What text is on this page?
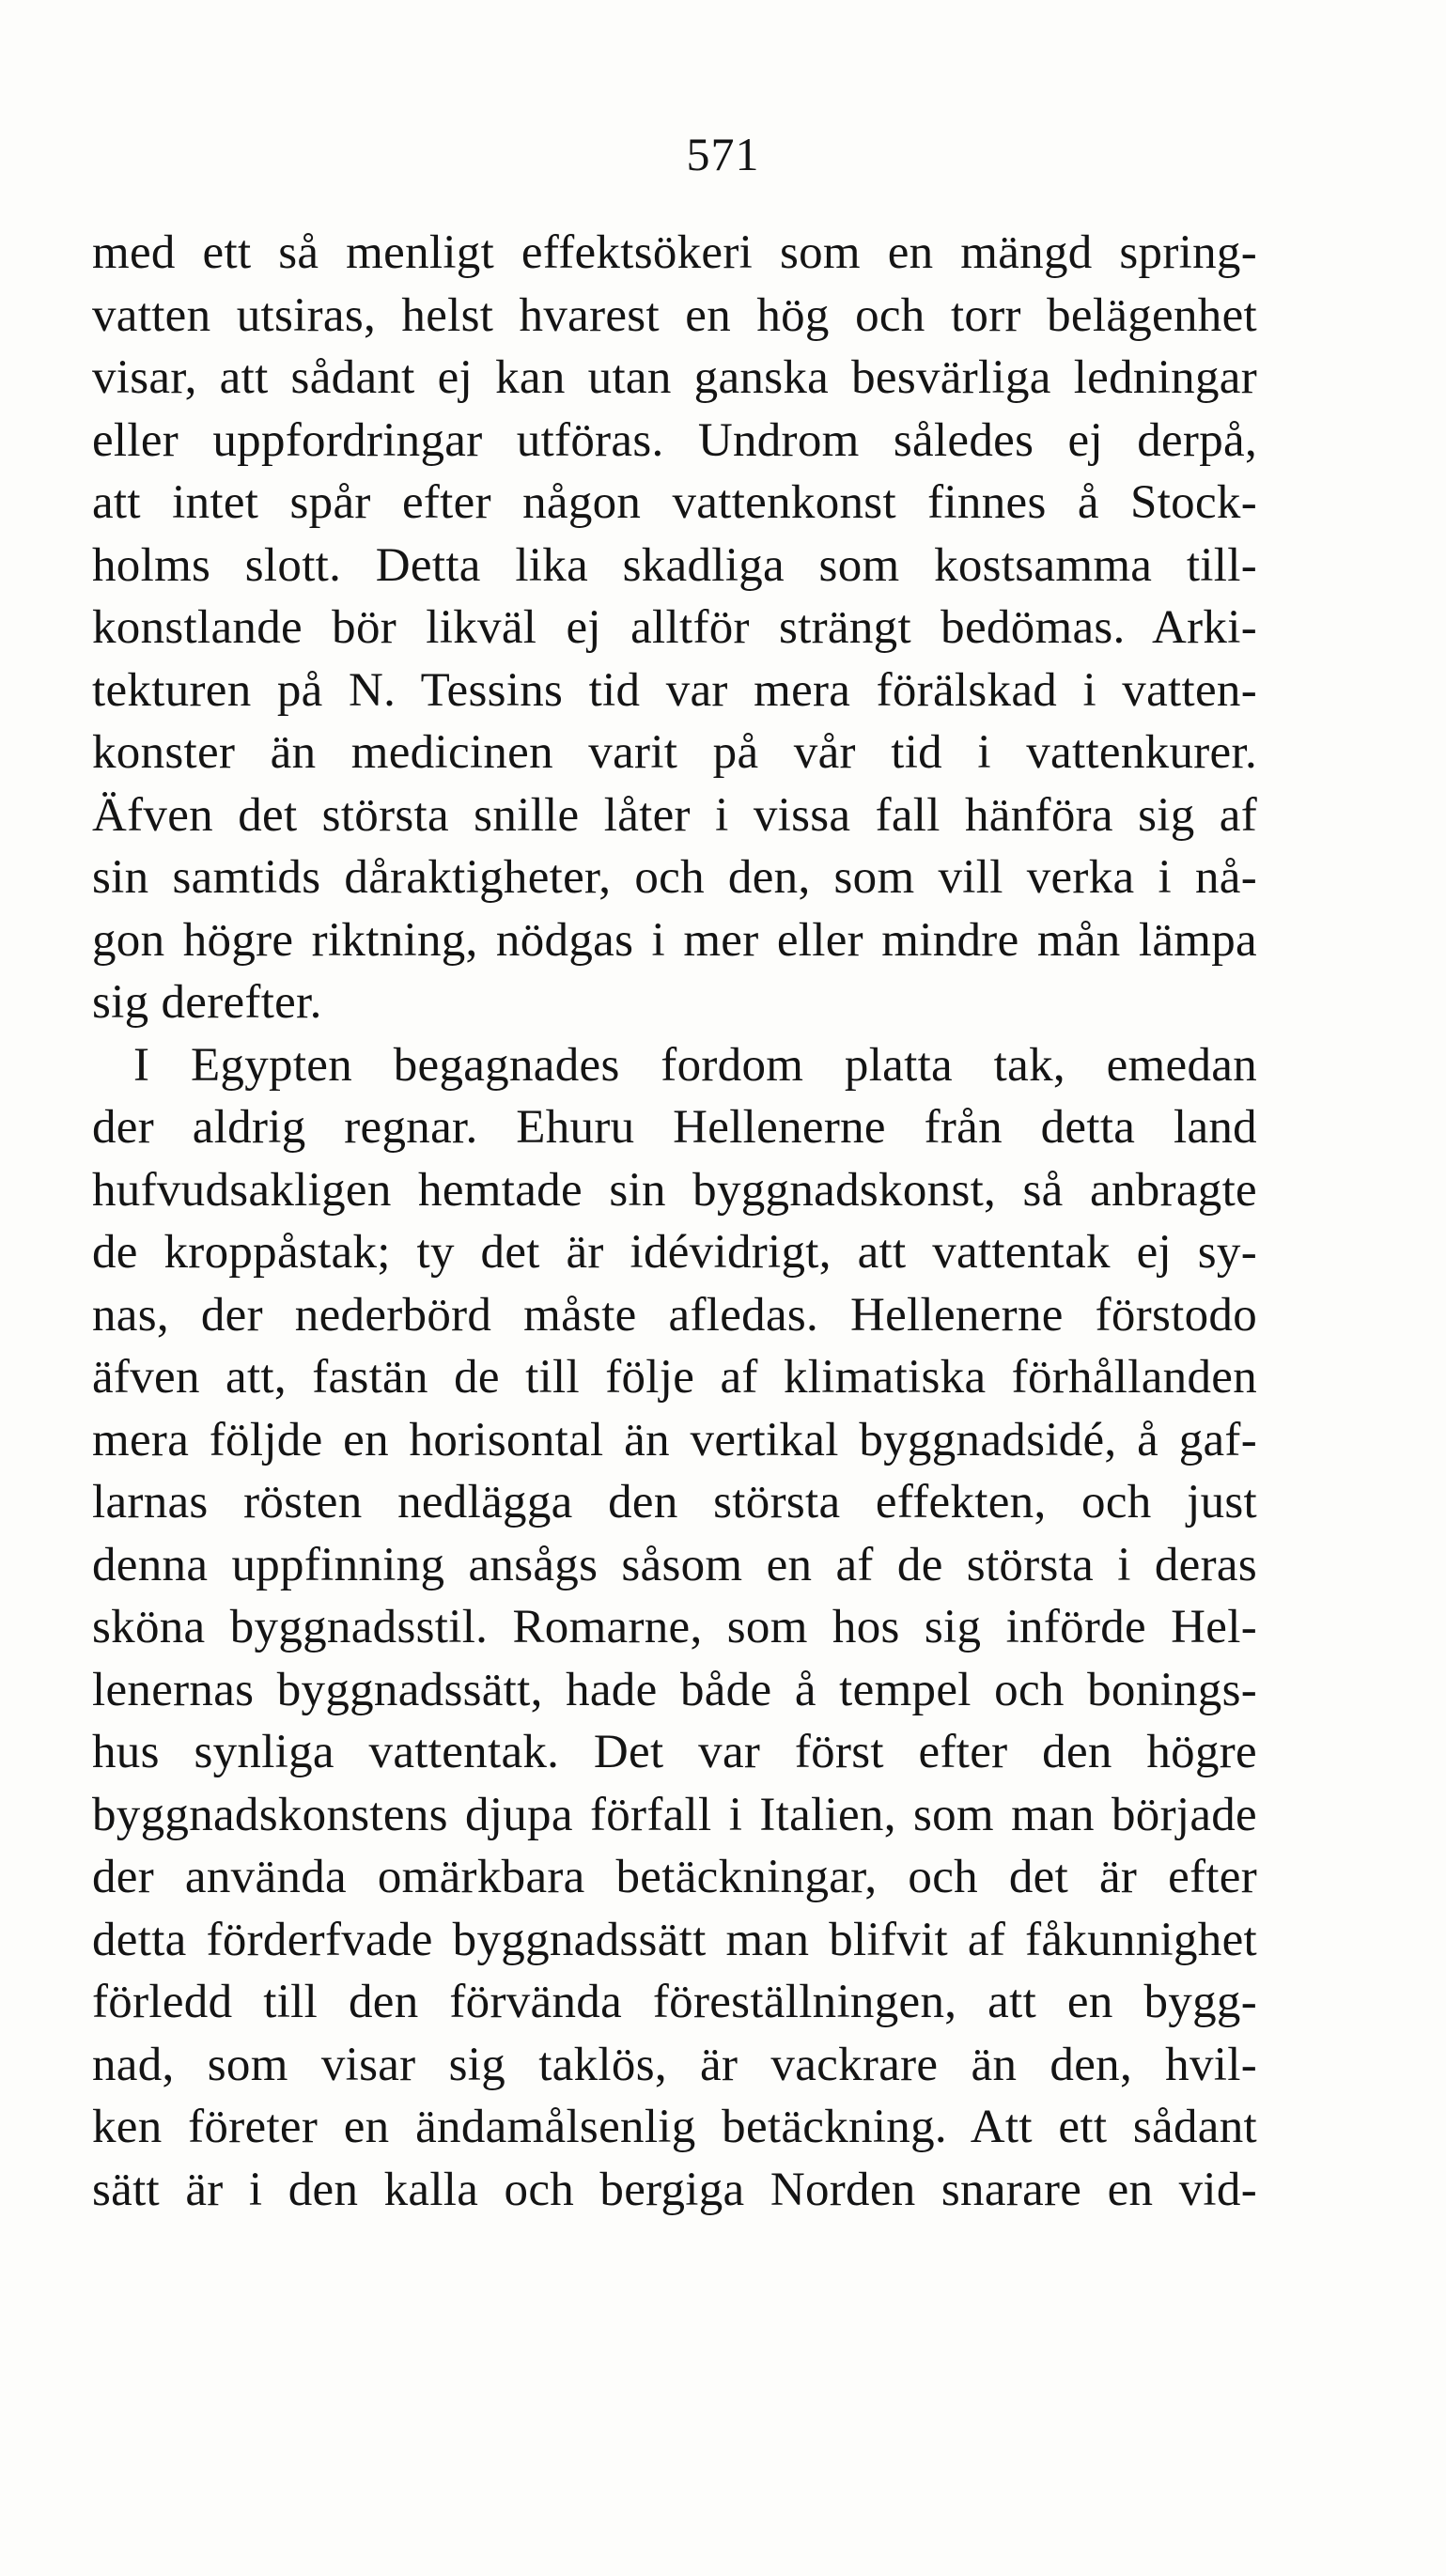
571
med ett så menligt effektsökeri som en mängd spring-
vatten utsiras, helst hvarest en hög och torr belägenhet
visar, att sådant ej kan utan ganska besvärliga ledningar
eller uppfordringar utföras. Undrom således ej derpå,
att intet spår efter någon vattenkonst finnes å Stock-
holms slott. Detta lika skadliga som kostsamma till-
konstlande bör likväl ej alltför strängt bedömas. Arki-
tekturen på N. Tessins tid var mera förälskad i vatten-
konster än medicinen varit på vår tid i vattenkurer.
Äfven det största snille låter i vissa fall hänföra sig af
sin samtids dåraktigheter, och den, som vill verka i nå-
gon högre riktning, nödgas i mer eller mindre mån lämpa
sig derefter.
I Egypten begagnades fordom platta tak, emedan
der aldrig regnar. Ehuru Hellenerne från detta land
hufvudsakligen hemtade sin byggnadskonst, så anbragte
de kroppåstak; ty det är idévidrigt, att vattentak ej sy-
nas, der nederbörd måste afledas. Hellenerne förstodo
äfven att, fastän de till följe af klimatiska förhållanden
mera följde en horisontal än vertikal byggnadsidé, å gaf-
larnas rösten nedlägga den största effekten, och just
denna uppfinning ansågs såsom en af de största i deras
sköna byggnadsstil. Romarne, som hos sig införde Hel-
lenernas byggnadssätt, hade både å tempel och bonings-
hus synliga vattentak. Det var först efter den högre
byggnadskonstens djupa förfall i Italien, som man började
der använda omärkbara betäckningar, och det är efter
detta förderfvade byggnadssätt man blifvit af fåkunnighet
förledd till den förvända föreställningen, att en bygg-
nad, som visar sig taklös, är vackrare än den, hvil-
ken företer en ändamålsenlig betäckning. Att ett sådant
sätt är i den kalla och bergiga Norden snarare en vid-
